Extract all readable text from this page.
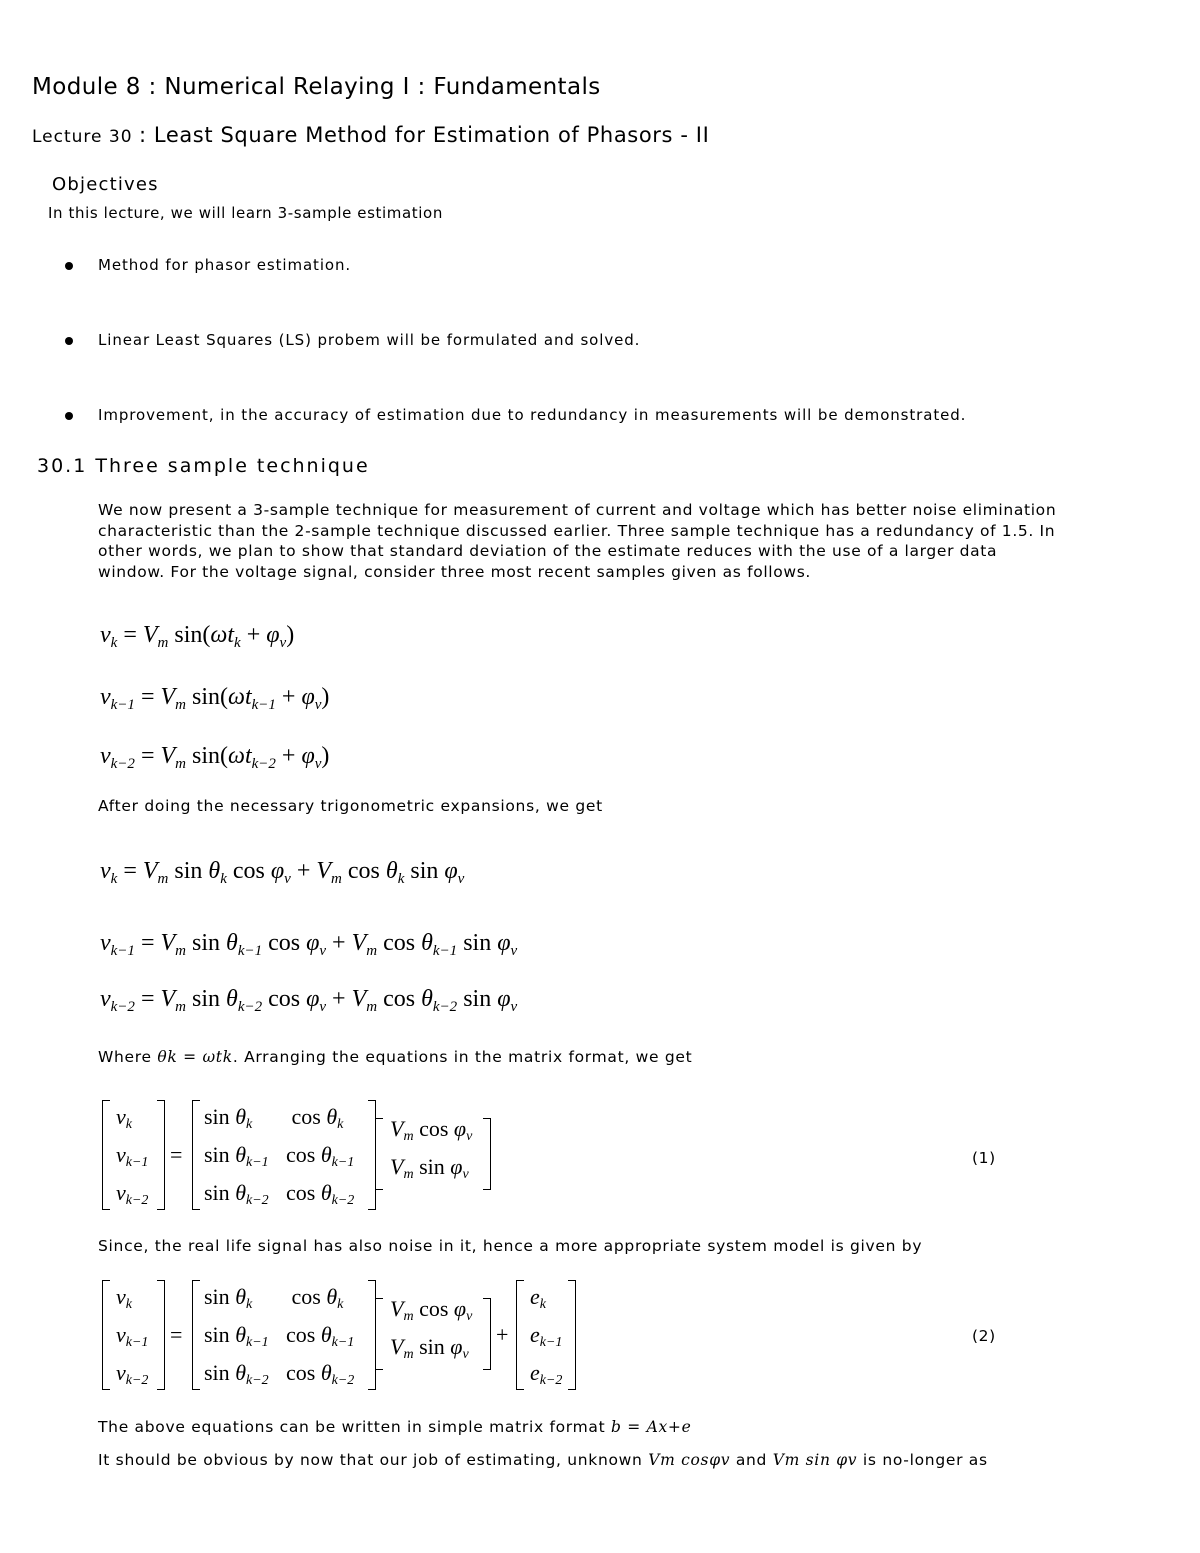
Module 8 : Numerical Relaying I : Fundamentals
Lecture 30 : Least Square Method for Estimation of Phasors - II
Objectives
In this lecture, we will learn 3-sample estimation
Method for phasor estimation.
Linear Least Squares (LS) probem will be formulated and solved.
Improvement, in the accuracy of estimation due to redundancy in measurements will be demonstrated.
30.1 Three sample technique
We now present a 3-sample technique for measurement of current and voltage which has better noise elimination characteristic than the 2-sample technique discussed earlier. Three sample technique has a redundancy of 1.5. In other words, we plan to show that standard deviation of the estimate reduces with the use of a larger data window. For the voltage signal, consider three most recent samples given as follows.
$v_k = V_m$ $\sin(\omega t_k + \varphi_v)$
$v_{k-1} = V_m$ $\sin(\omega t_{k-1} + \varphi_v)$
$v_{k-2} = V_m$ $\sin(\omega t_{k-2} + \varphi_v)$
After doing the necessary trigonometric expansions, we get
$v_k = V_m$ $\sin \theta_k$ $\cos \varphi_v + V_m$ $\cos \theta_k$ $\sin \varphi_v$
$v_{k-1} = V_m$ $\sin \theta_{k-1}$ $\cos \varphi_v + V_m$ $\cos \theta_{k-1}$ $\sin \varphi_v$
$v_{k-2} = V_m$ $\sin \theta_{k-2}$ $\cos \varphi_v + V_m$ $\cos \theta_{k-2}$ $\sin \varphi_v$
Where θk = ωtk. Arranging the equations in the matrix format, we get
$v_k$
$v_{k-1}$
$v_{k-2}$
=
$\sin \theta_k$
$\sin \theta_{k-1}$
$\sin \theta_{k-2}$
$\cos \theta_k$
$\cos \theta_{k-1}$
$\cos \theta_{k-2}$
$V_m$ $\cos \varphi_v$
$V_m$ $\sin \varphi_v$
(1)
Since, the real life signal has also noise in it, hence a more appropriate system model is given by
$v_k$
$v_{k-1}$
$v_{k-2}$
=
$\sin \theta_k$
$\sin \theta_{k-1}$
$\sin \theta_{k-2}$
$\cos \theta_k$
$\cos \theta_{k-1}$
$\cos \theta_{k-2}$
$V_m$ $\cos \varphi_v$
$V_m$ $\sin \varphi_v$
+
$e_k$
$e_{k-1}$
$e_{k-2}$
(2)
The above equations can be written in simple matrix format b = Ax+e
It should be obvious by now that our job of estimating, unknown Vm cosφv and Vm sin φv is no-longer as
